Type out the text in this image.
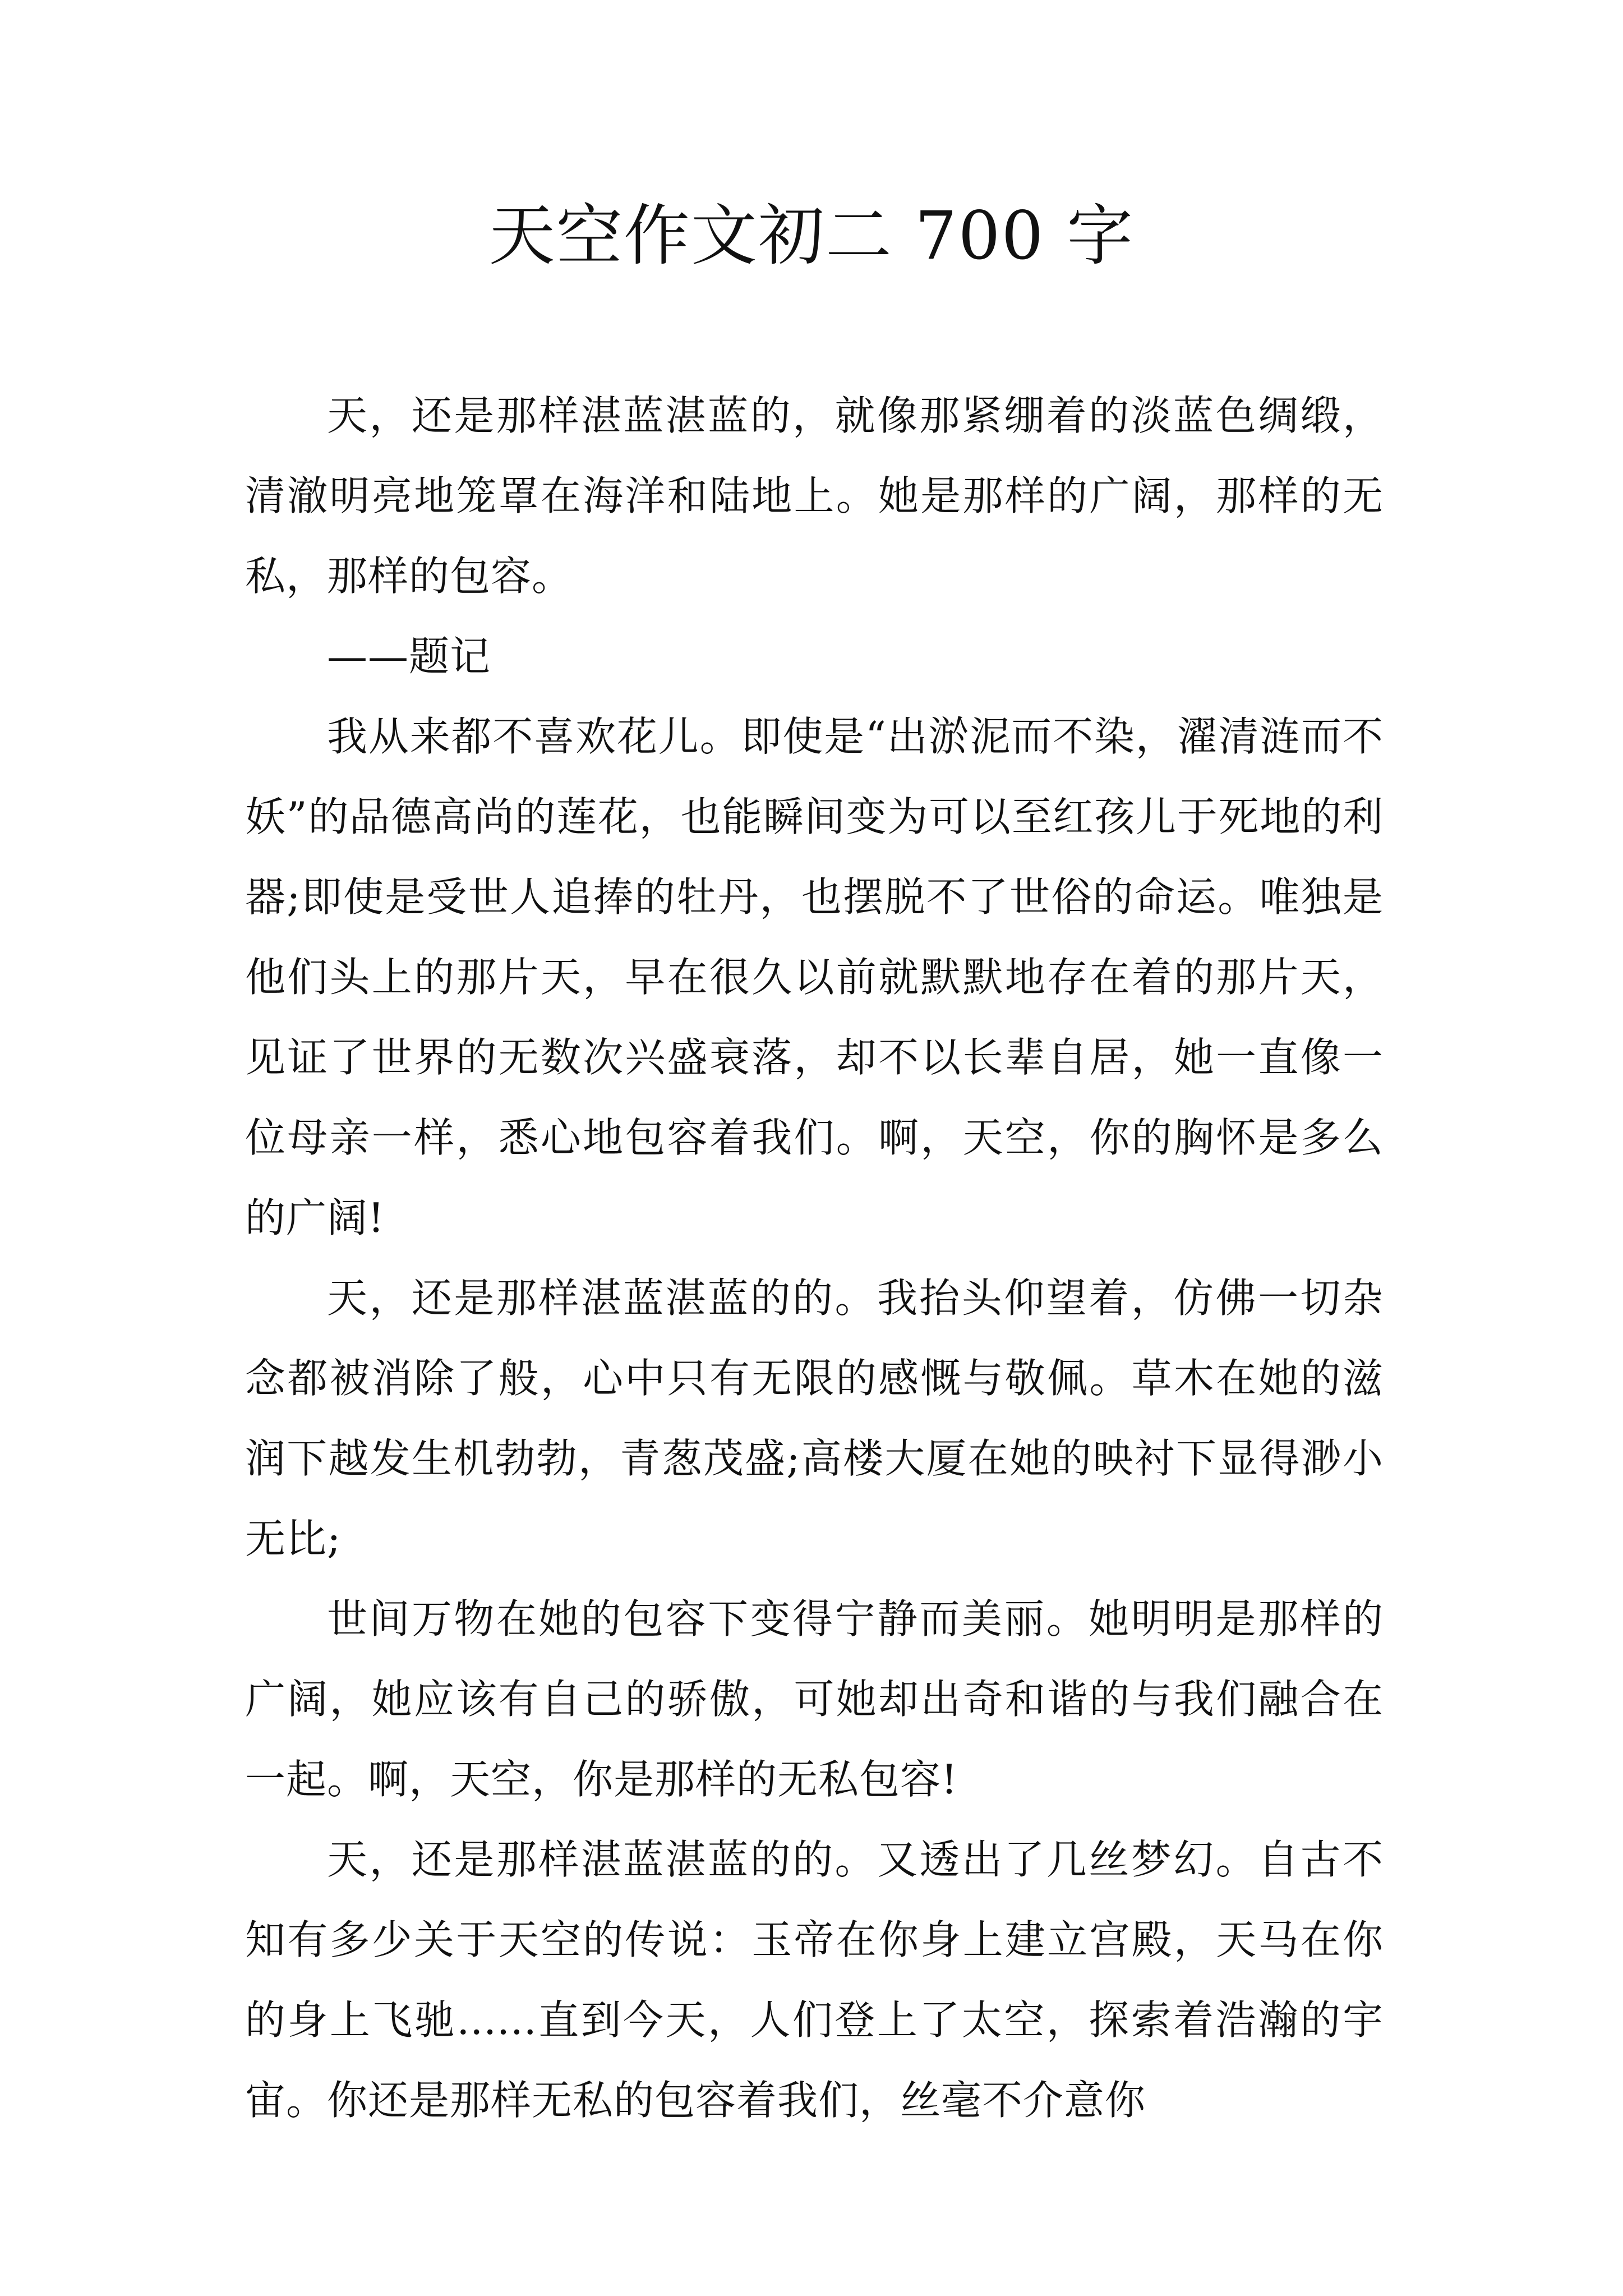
天空作文初二 700 字

天，还是那样湛蓝湛蓝的，就像那紧绷着的淡蓝色绸缎，清澈明亮地笼罩在海洋和陆地上。她是那样的广阔，那样的无私，那样的包容。

——题记

我从来都不喜欢花儿。即使是“出淤泥而不染，濯清涟而不妖”的品德高尚的莲花，也能瞬间变为可以至红孩儿于死地的利器;即使是受世人追捧的牡丹，也摆脱不了世俗的命运。唯独是他们头上的那片天，早在很久以前就默默地存在着的那片天，见证了世界的无数次兴盛衰落，却不以长辈自居，她一直像一位母亲一样，悉心地包容着我们。啊，天空，你的胸怀是多么的广阔!

天，还是那样湛蓝湛蓝的的。我抬头仰望着，仿佛一切杂念都被消除了般，心中只有无限的感慨与敬佩。草木在她的滋润下越发生机勃勃，青葱茂盛;高楼大厦在她的映衬下显得渺小无比;

世间万物在她的包容下变得宁静而美丽。她明明是那样的广阔，她应该有自己的骄傲，可她却出奇和谐的与我们融合在一起。啊，天空，你是那样的无私包容!

天，还是那样湛蓝湛蓝的的。又透出了几丝梦幻。自古不知有多少关于天空的传说：玉帝在你身上建立宫殿，天马在你的身上飞驰......直到今天，人们登上了太空，探索着浩瀚的宇宙。你还是那样无私的包容着我们，丝毫不介意你
